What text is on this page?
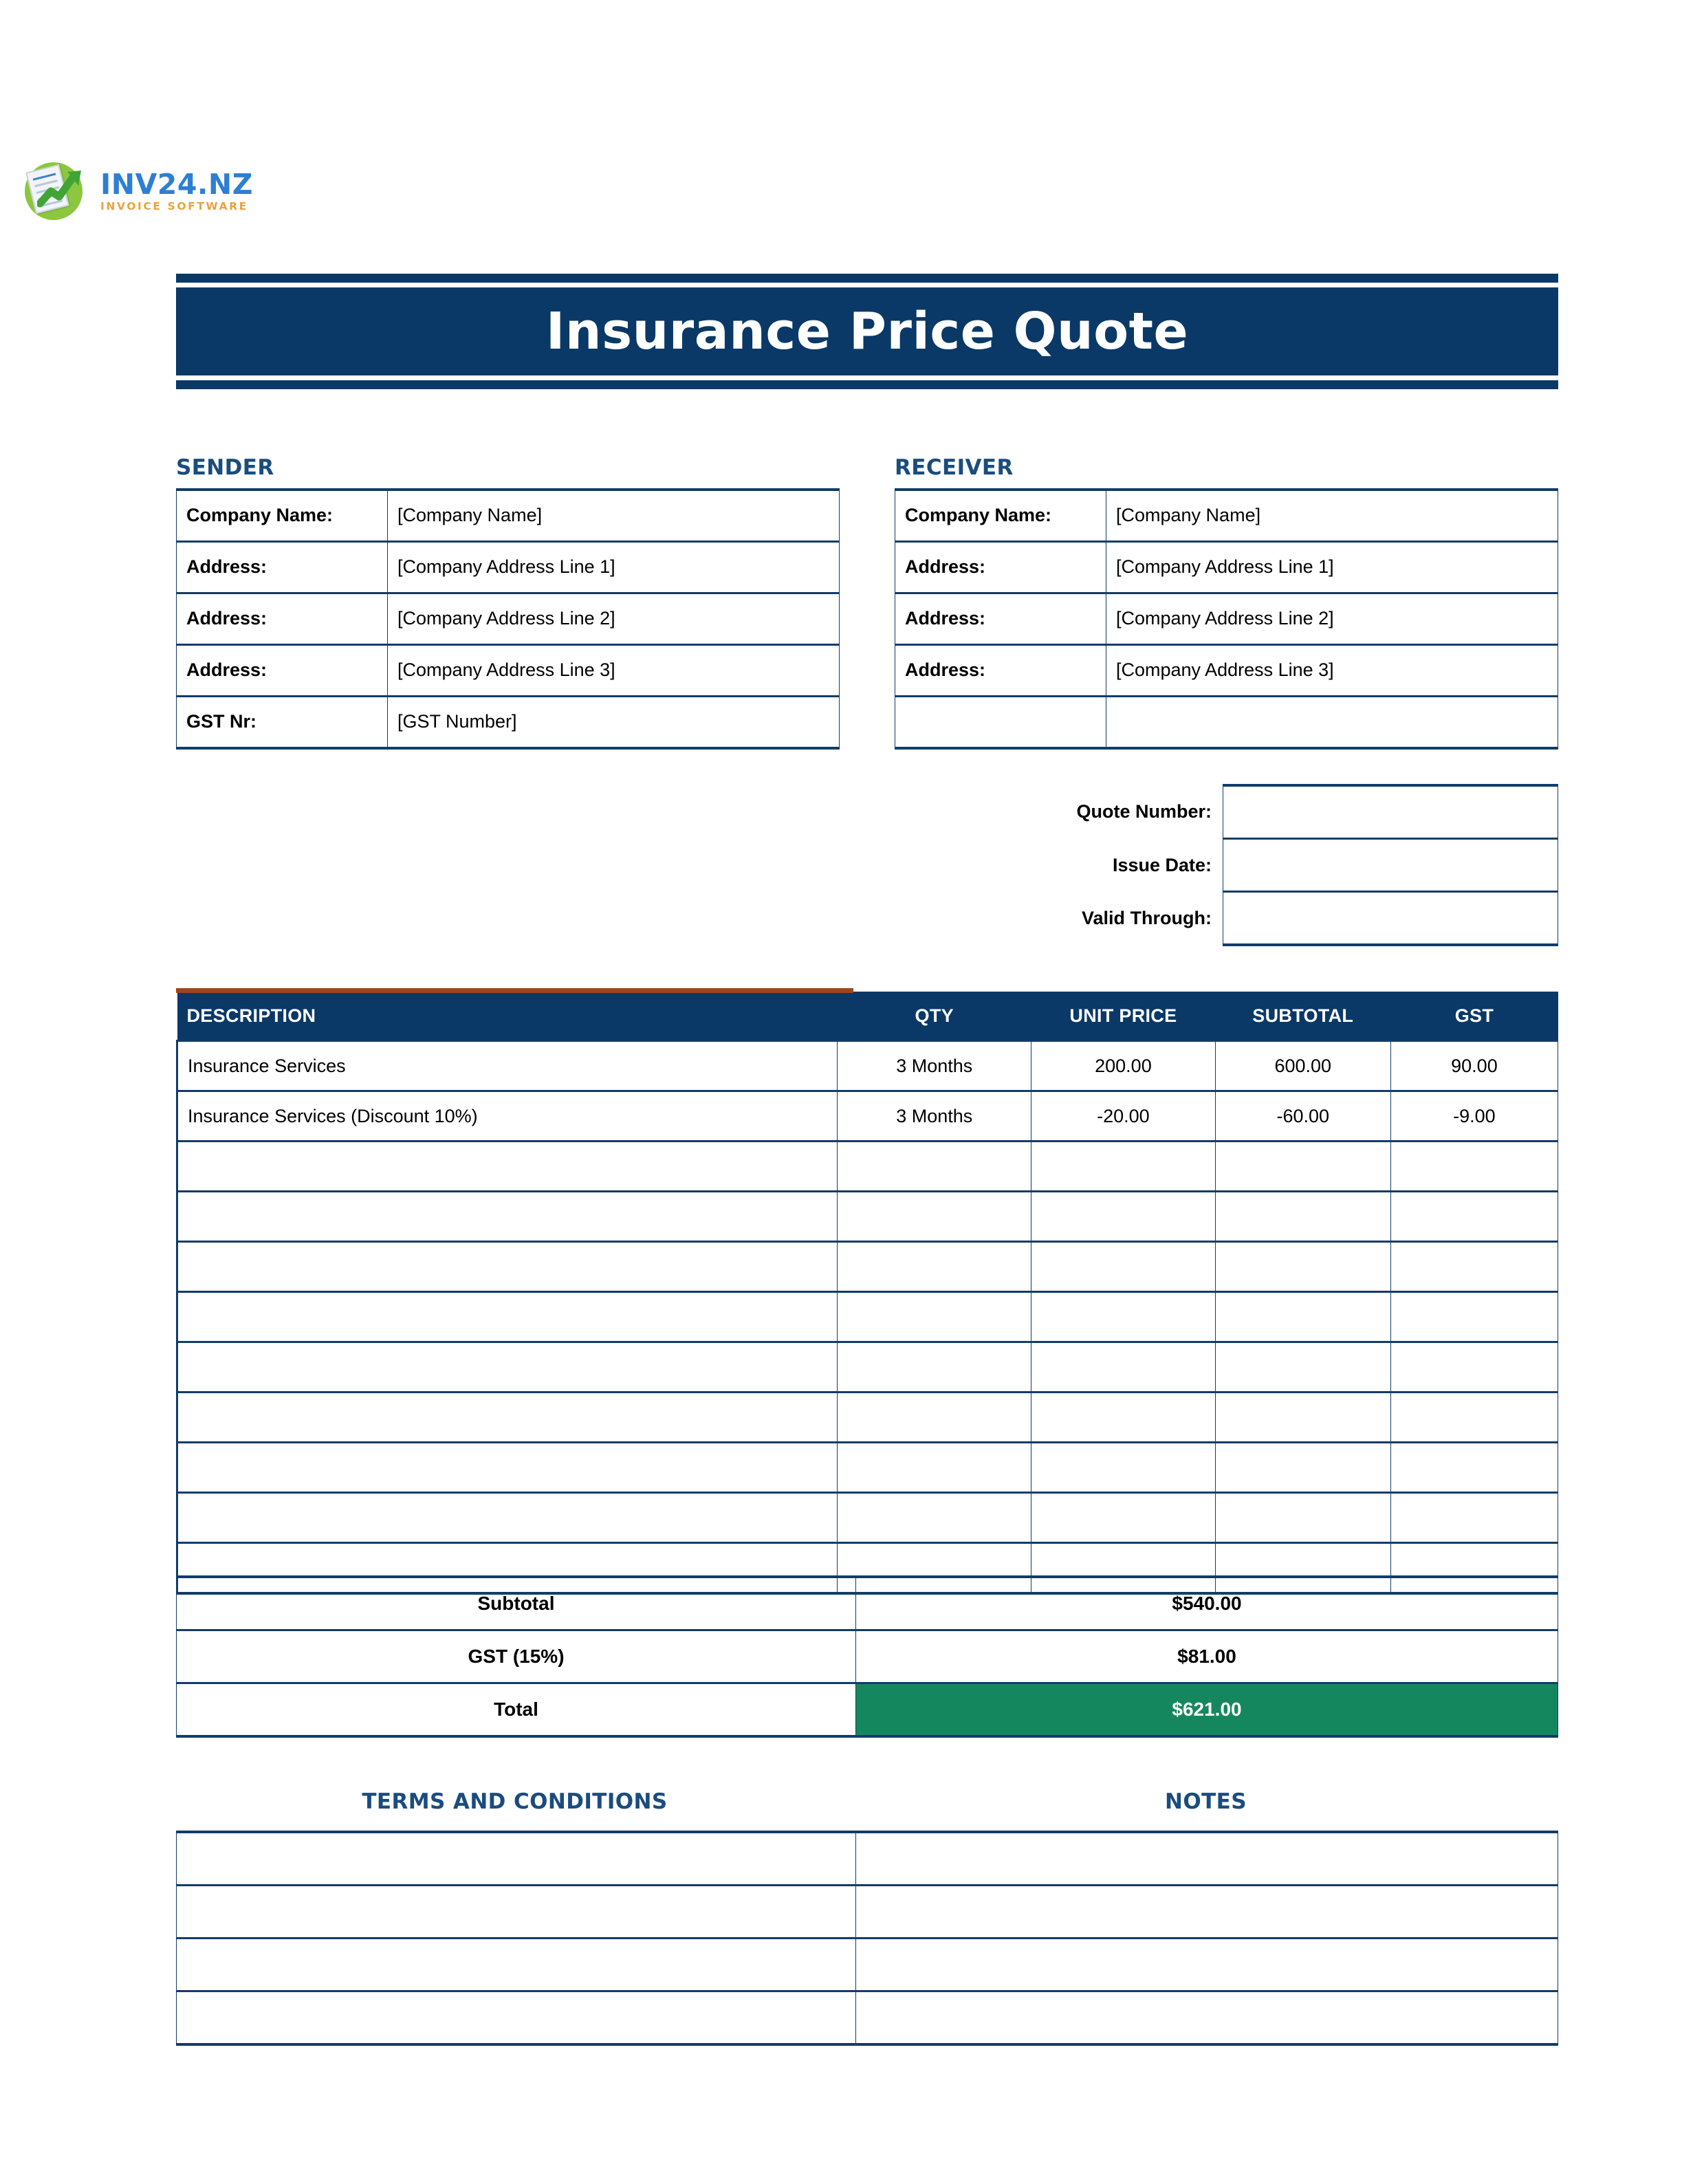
INV24.NZ
INVOICE SOFTWARE
Insurance Price Quote
SENDER
Company Name:	[Company Name]
Address:	[Company Address Line 1]
Address:	[Company Address Line 2]
Address:	[Company Address Line 3]
GST Nr:	[GST Number]
RECEIVER
Company Name:	[Company Name]
Address:	[Company Address Line 1]
Address:	[Company Address Line 2]
Address:	[Company Address Line 3]

Quote Number:	
Issue Date:	
Valid Through:	
DESCRIPTION	QTY	UNIT PRICE	SUBTOTAL	GST
Insurance Services	3 Months	200.00	600.00	90.00
Insurance Services (Discount 10%)	3 Months	-20.00	-60.00	-9.00

Subtotal	$540.00
GST (15%)	$81.00
Total	$621.00
TERMS AND CONDITIONS	NOTES
